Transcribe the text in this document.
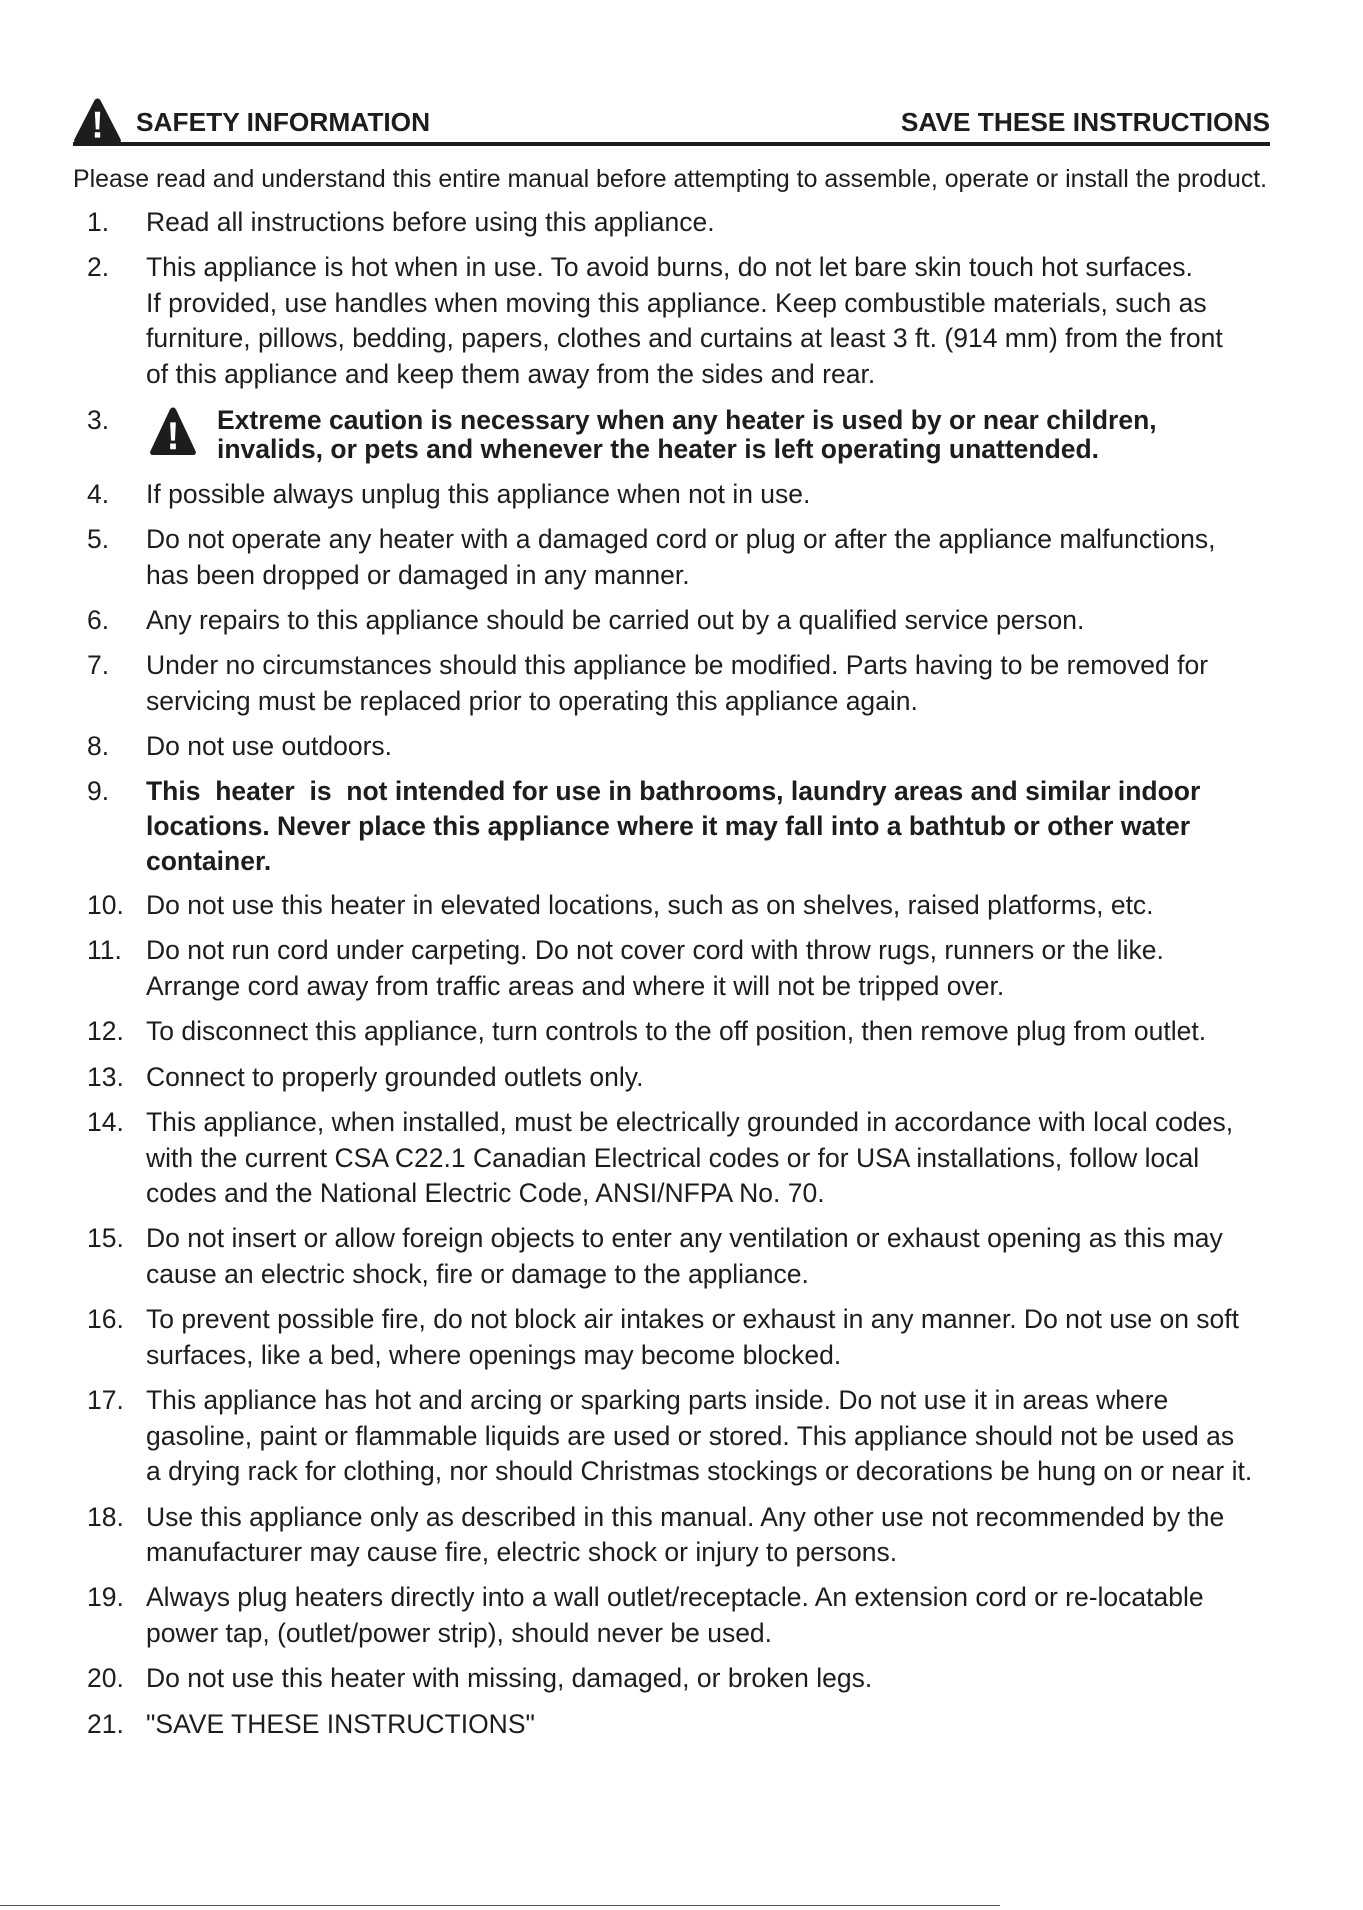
SAFETY INFORMATION	SAVE THESE INSTRUCTIONS
Please read and understand this entire manual before attempting to assemble, operate or install the product.
1. Read all instructions before using this appliance.
2. This appliance is hot when in use. To avoid burns, do not let bare skin touch hot surfaces.
If provided, use handles when moving this appliance. Keep combustible materials, such as
furniture, pillows, bedding, papers, clothes and curtains at least 3 ft. (914 mm) from the front
of this appliance and keep them away from the sides and rear.
3.	Extreme caution is necessary when any heater is used by or near children,
invalids, or pets and whenever the heater is left operating unattended.
4. If possible always unplug this appliance when not in use.
5. Do not operate any heater with a damaged cord or plug or after the appliance malfunctions,
has been dropped or damaged in any manner.
6. Any repairs to this appliance should be carried out by a qualified service person.
7. Under no circumstances should this appliance be modified. Parts having to be removed for
servicing must be replaced prior to operating this appliance again.
8. Do not use outdoors.
9. This  heater  is  not intended for use in bathrooms, laundry areas and similar indoor
locations. Never place this appliance where it may fall into a bathtub or other water
container.
10. Do not use this heater in elevated locations, such as on shelves, raised platforms, etc.
11. Do not run cord under carpeting. Do not cover cord with throw rugs, runners or the like.
Arrange cord away from traffic areas and where it will not be tripped over.
12. To disconnect this appliance, turn controls to the off position, then remove plug from outlet.
13. Connect to properly grounded outlets only.
14. This appliance, when installed, must be electrically grounded in accordance with local codes,
with the current CSA C22.1 Canadian Electrical codes or for USA installations, follow local
codes and the National Electric Code, ANSI/NFPA No. 70.
15. Do not insert or allow foreign objects to enter any ventilation or exhaust opening as this may
cause an electric shock, fire or damage to the appliance.
16. To prevent possible fire, do not block air intakes or exhaust in any manner. Do not use on soft
surfaces, like a bed, where openings may become blocked.
17. This appliance has hot and arcing or sparking parts inside. Do not use it in areas where
gasoline, paint or flammable liquids are used or stored. This appliance should not be used as
a drying rack for clothing, nor should Christmas stockings or decorations be hung on or near it.
18. Use this appliance only as described in this manual. Any other use not recommended by the
manufacturer may cause fire, electric shock or injury to persons.
19. Always plug heaters directly into a wall outlet/receptacle. An extension cord or re-locatable
power tap, (outlet/power strip), should never be used.
20. Do not use this heater with missing, damaged, or broken legs.
21. "SAVE THESE INSTRUCTIONS"
